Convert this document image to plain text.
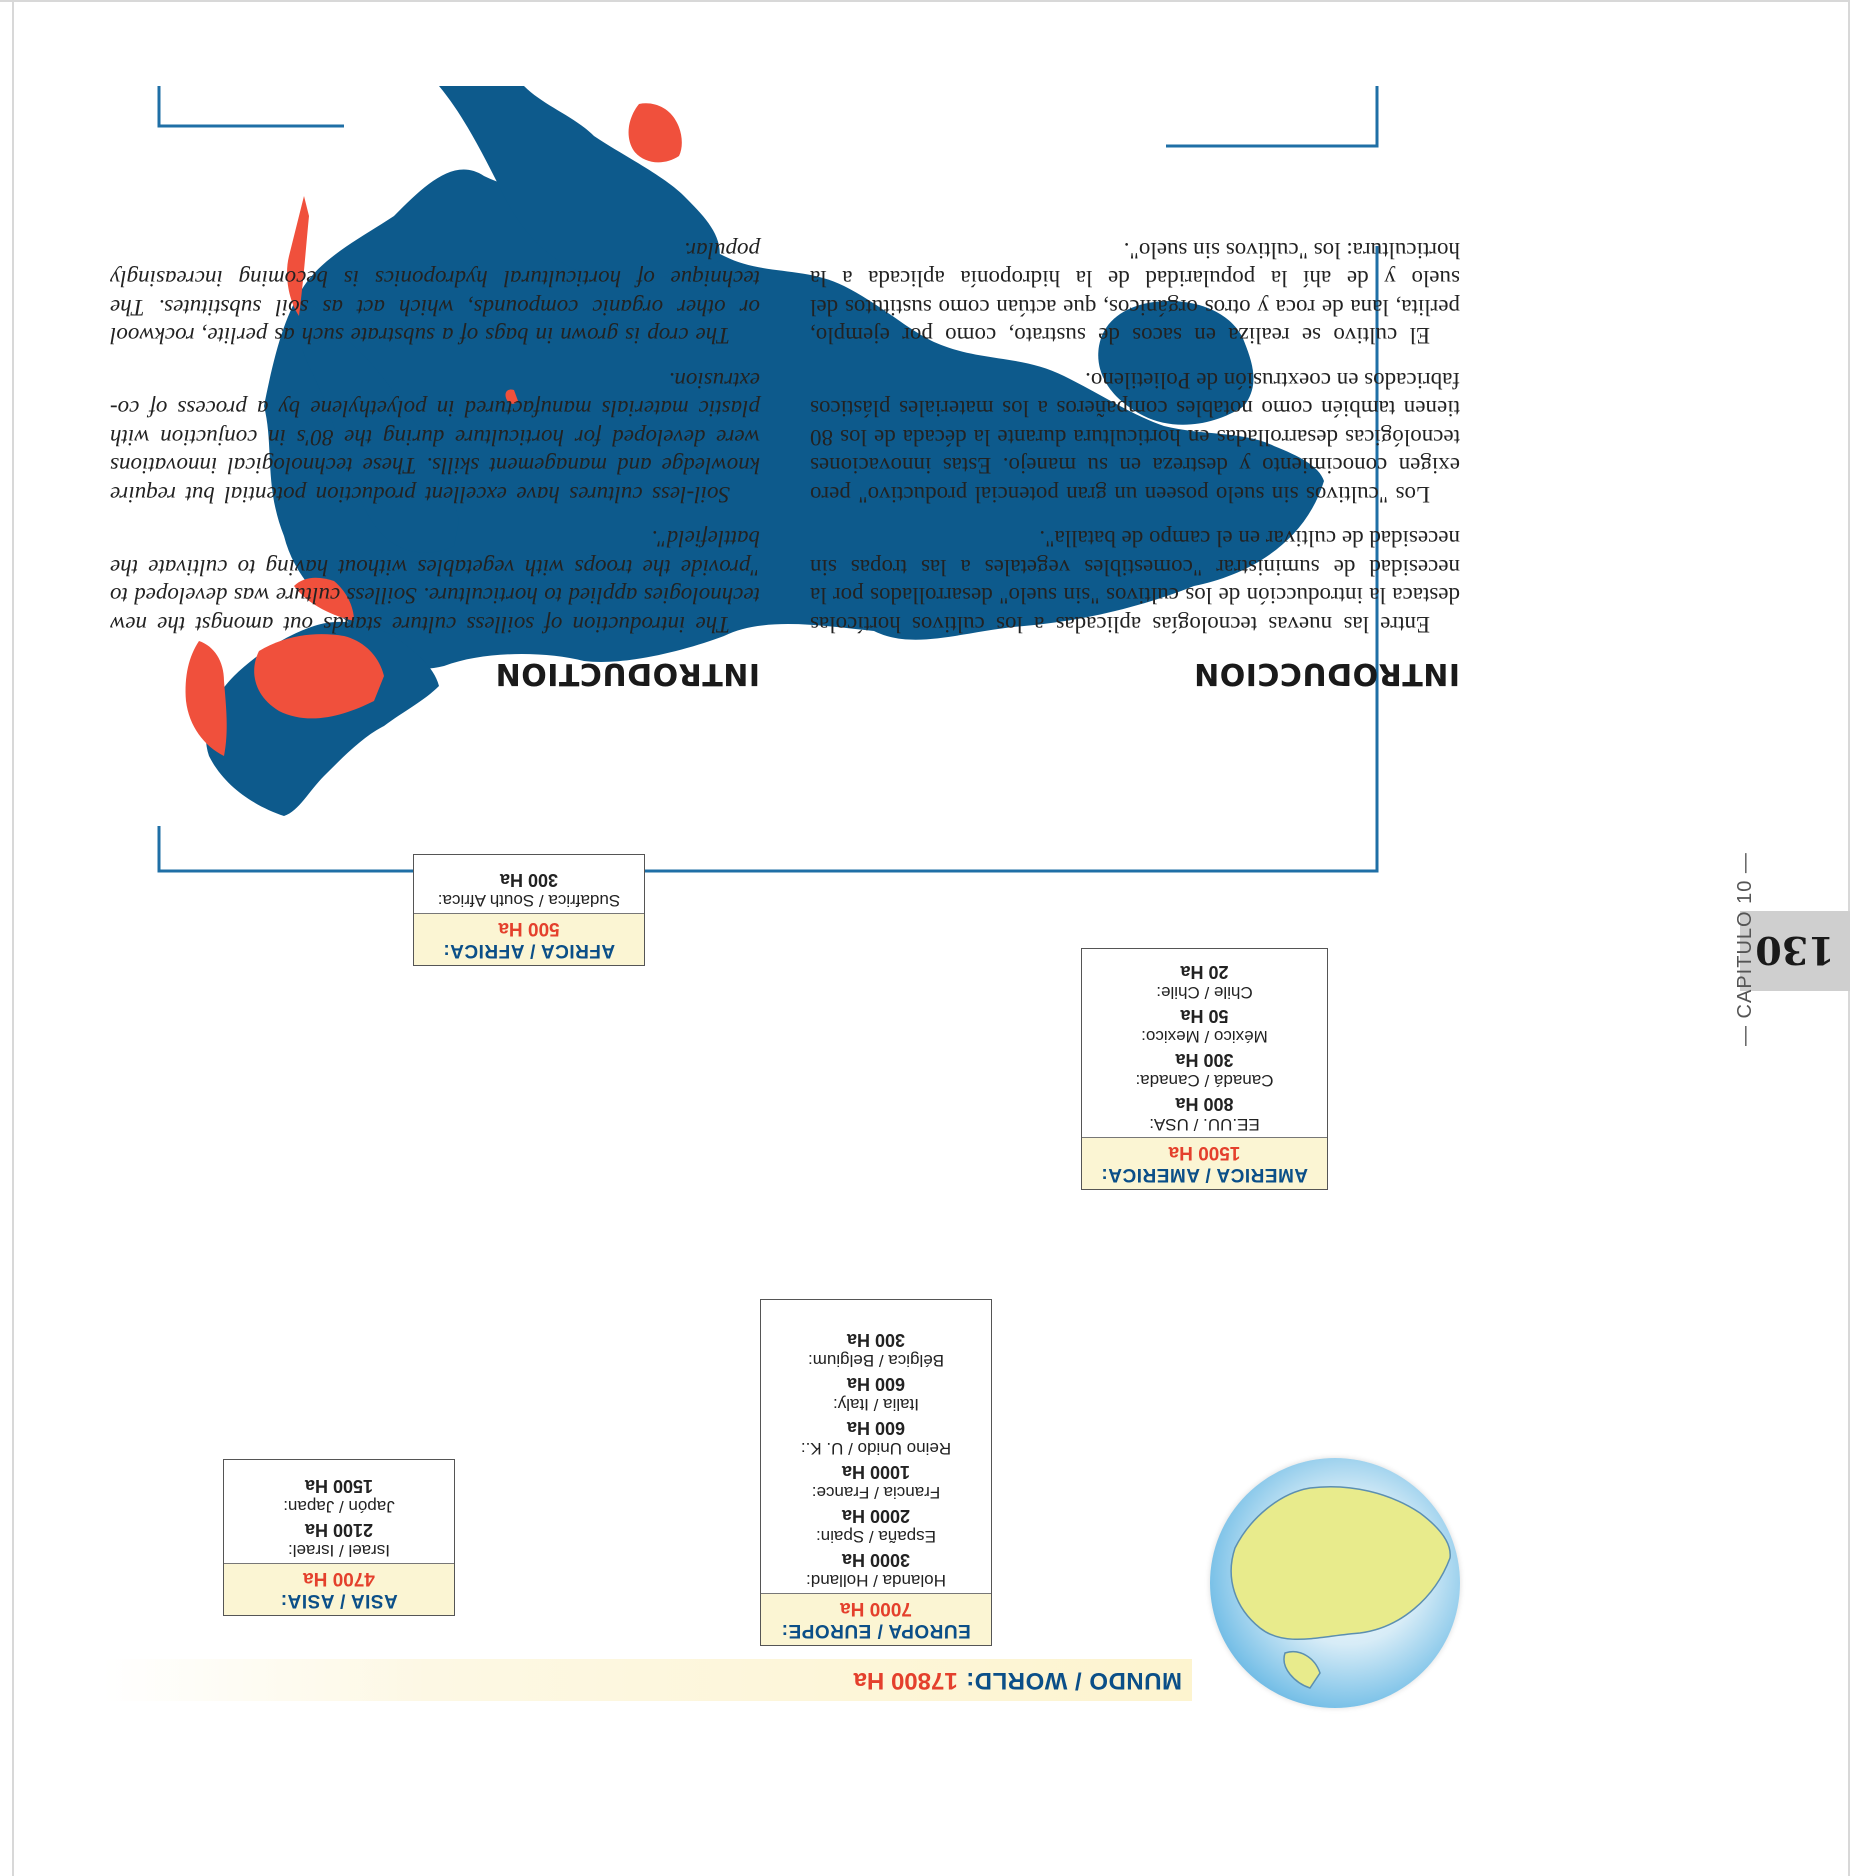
130
— CAPITULO 10 —
MUNDO / WORLD:
17800 Ha
EUROPA / EUROPE:
7000 Ha
Holanda / Holland:
3000 Ha
España / Spain:
2000 Ha
Francia / France:
1000 Ha
Reino Unido / U. K.:
600 Ha
Italia / Italy:
600 Ha
Bélgica / Belgium:
300 Ha
ASIA / ASIA:
4700 Ha
Israel / Israel:
2100 Ha
Japón / Japan:
1500 Ha
AMERICA / AMERICA:
1500 Ha
EE.UU. / USA:
800 Ha
Canadá / Canada:
300 Ha
México / Mexico:
50 Ha
Chile / Chile:
20 Ha
AFRICA / AFRICA:
500 Ha
Sudafrica / South Africa:
300 Ha
INTRODUCCION

Entre las nuevas tecnologías aplicadas a los cultivos hortícolas destaca la introducción de los cultivos "sin suelo" desarrollados por la necesidad de suministrar "comestibles vegetales a las tropas sin necesidad de cultivar en el campo de batalla".

Los "cultivos sin suelo poseen un gran potencial productivo" pero exigen conocimiento y destreza en su manejo. Estas innovaciones tecnológicas desarrolladas en horticultura durante la década de los 80 tienen también como notables compañeros a los materiales plásticos fabricados en coextrusión de Polietileno.

El cultivo se realiza en sacos de sustrato, como por ejemplo, perlita, lana de roca y otros orgánicos, que actúan como sustitutos del suelo y de ahí la popularidad de la hidroponía aplicada a la horticultura: los "cultivos sin suelo".

INTRODUCTION

The introduction of soilless culture stands out amongst the new technologies applied to horticulture. Soilless culture was developed to "provide the troops with vegetables without having to cultivate the battlefield".

Soil-less cultures have excellent production potential but require knowledge and management skills. These technological innovations were developed for horticulture during the 80's in conjuction with plastic materials manufactured in polyethylene by a process of co-extrusion.

The crop is grown in bags of a substrate such as perlite, rockwool or other organic compounds, which act as soil substitutes. The technique of horticultural hydroponics is becoming increasingly popular.
